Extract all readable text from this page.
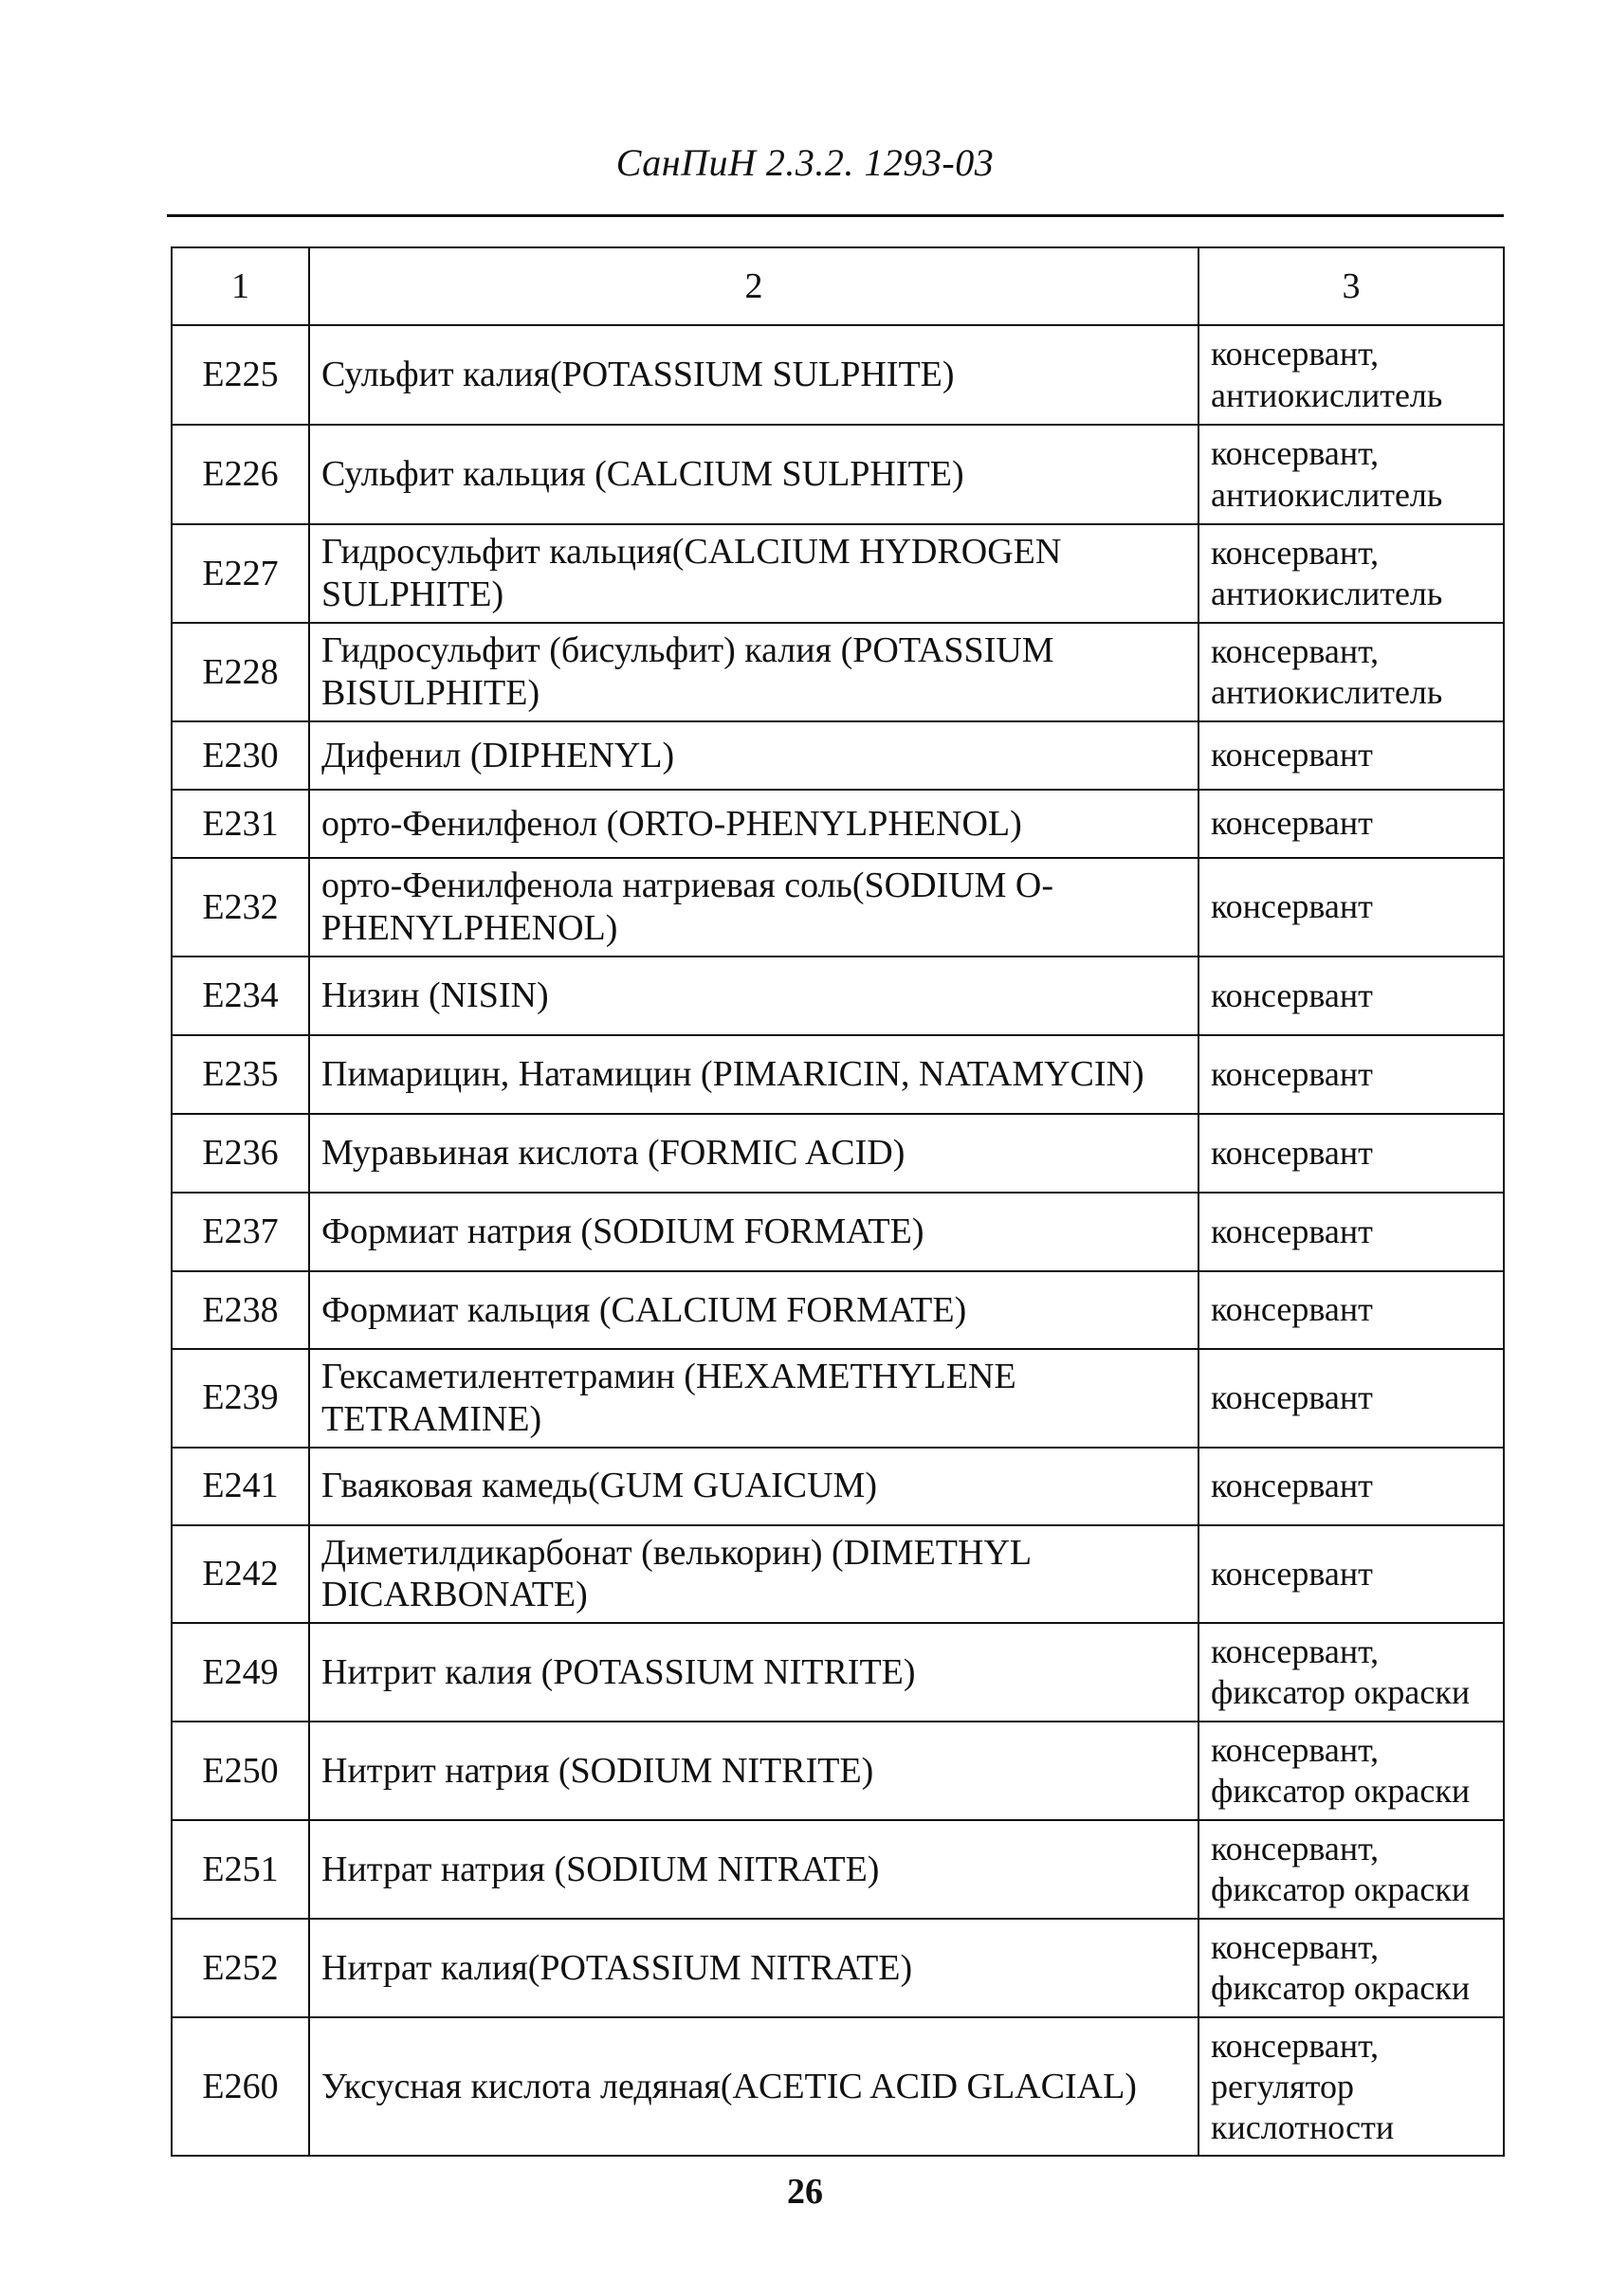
СанПиН 2.3.2. 1293-03
1	2	3
E225	Сульфит калия(POTASSIUM SULPHITE)	консервант, антиокислитель
E226	Сульфит кальция (CALCIUM SULPHITE)	консервант, антиокислитель
E227	Гидросульфит кальция(CALCIUM HYDROGEN SULPHITE)	консервант, антиокислитель
E228	Гидросульфит (бисульфит) калия (POTASSIUM BISULPHITE)	консервант, антиокислитель
E230	Дифенил (DIPHENYL)	консервант
E231	орто-Фенилфенол (ORTO-PHENYLPHENOL)	консервант
E232	орто-Фенилфенола натриевая соль(SODIUM O-PHENYLPHENOL)	консервант
E234	Низин (NISIN)	консервант
E235	Пимарицин, Натамицин (PIMARICIN, NATAMYCIN)	консервант
E236	Муравьиная кислота (FORMIC ACID)	консервант
E237	Формиат натрия (SODIUM FORMATE)	консервант
E238	Формиат кальция (CALCIUM FORMATE)	консервант
E239	Гексаметилентетрамин (HEXAMETHYLENE TETRAMINE)	консервант
E241	Гваяковая камедь(GUM GUAICUM)	консервант
E242	Диметилдикарбонат (велькорин) (DIMETHYL DICARBONATE)	консервант
E249	Нитрит калия (POTASSIUM NITRITE)	консервант, фиксатор окраски
E250	Нитрит натрия (SODIUM NITRITE)	консервант, фиксатор окраски
E251	Нитрат натрия (SODIUM NITRATE)	консервант, фиксатор окраски
E252	Нитрат калия(POTASSIUM NITRATE)	консервант, фиксатор окраски
E260	Уксусная кислота ледяная(ACETIC ACID GLACIAL)	консервант, регулятор кислотности
26
